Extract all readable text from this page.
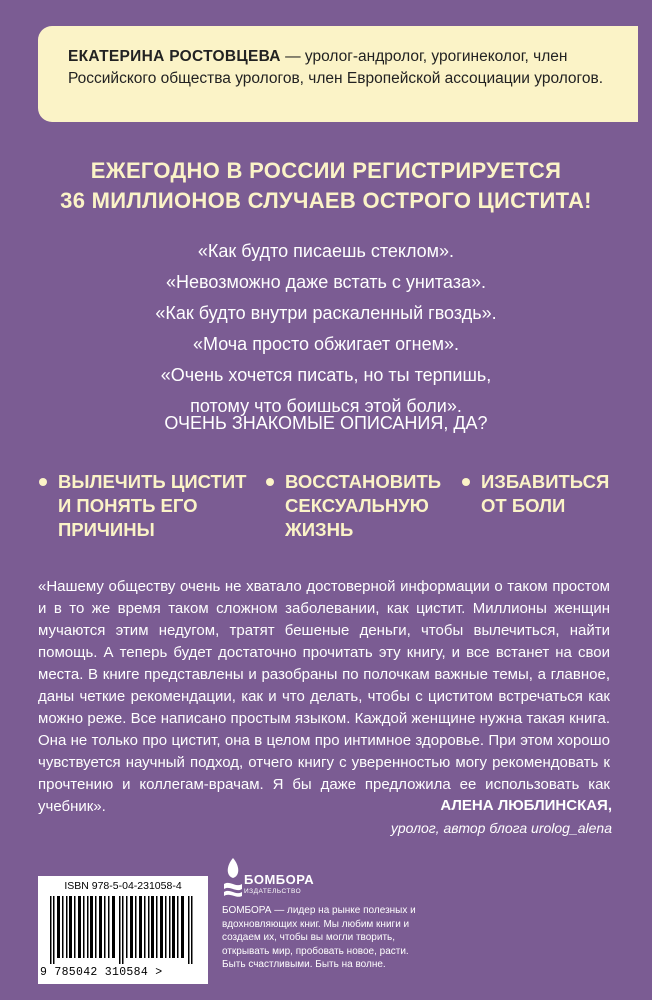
ЕКАТЕРИНА РОСТОВЦЕВА — уролог-андролог, урогинеколог, член Российского общества урологов, член Европейской ассоциации урологов.
ЕЖЕГОДНО В РОССИИ РЕГИСТРИРУЕТСЯ
36 МИЛЛИОНОВ СЛУЧАЕВ ОСТРОГО ЦИСТИТА!
«Как будто писаешь стеклом».
«Невозможно даже встать с унитаза».
«Как будто внутри раскаленный гвоздь».
«Моча просто обжигает огнем».
«Очень хочется писать, но ты терпишь,
потому что боишься этой боли».
ОЧЕНЬ ЗНАКОМЫЕ ОПИСАНИЯ, ДА?
ВЫЛЕЧИТЬ ЦИСТИТ
И ПОНЯТЬ ЕГО
ПРИЧИНЫ
ВОССТАНОВИТЬ
СЕКСУАЛЬНУЮ
ЖИЗНЬ
ИЗБАВИТЬСЯ
ОТ БОЛИ

«Нашему обществу очень не хватало достоверной информации о таком простом и в то же время таком сложном заболевании, как цистит. Миллионы женщин мучаются этим недугом, тратят бешеные деньги, чтобы вылечиться, найти помощь. А теперь будет достаточно прочитать эту книгу, и все встанет на свои места. В книге представлены и разобраны по полочкам важные темы, а главное, даны четкие рекомендации, как и что делать, чтобы с циститом встречаться как можно реже. Все написано простым языком. Каждой женщине нужна такая книга. Она не только про цистит, она в целом про интимное здоровье. При этом хорошо чувствуется научный подход, отчего книгу с уверенностью могу рекомендовать к прочтению и коллегам-врачам. Я бы даже предложила ее использовать как учебник».	АЛЕНА ЛЮБЛИНСКАЯ,
уролог, автор блога urolog_alena
ISBN 978-5-04-231058-4
9 785042 310584 >
БОМБОРА
ИЗДАТЕЛЬСТВО
БОМБОРА — лидер на рынке полезных и вдохновляющих книг. Мы любим книги и создаем их, чтобы вы могли творить, открывать мир, пробовать новое, расти. Быть счастливыми. Быть на волне.
